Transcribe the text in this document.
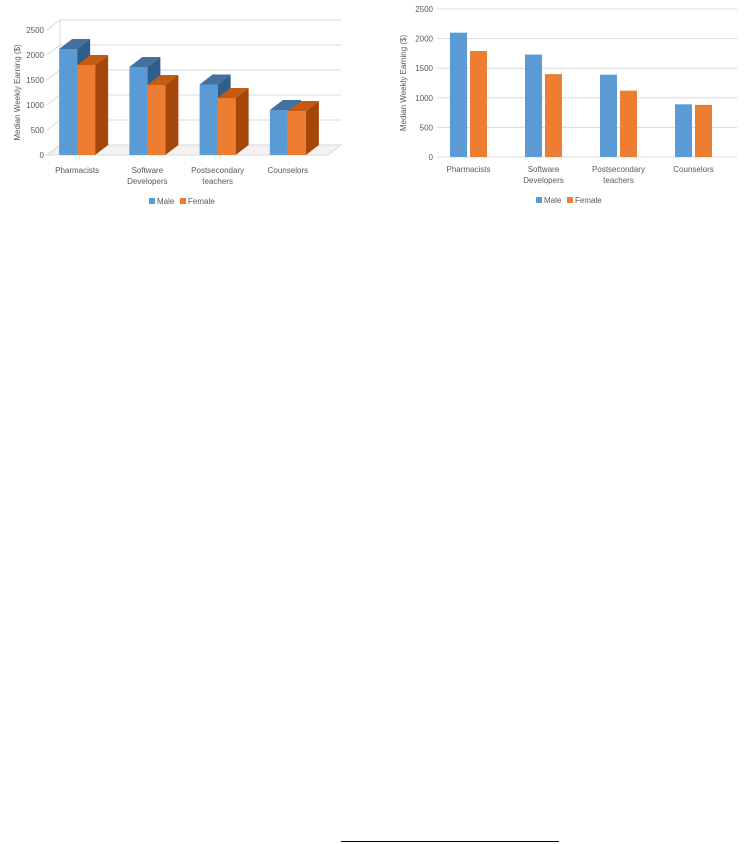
0
500
1000
1500
2000
2500
Median Weekly Earning ($)
Pharmacists	Software
Developers
Postsecondary
teachers
Counselors
Male Female
0
500
1000
1500
2000
2500
Median Weekly Earning ($)
Pharmacists	Software
Developers
Postsecondary
teachers
Counselors
Male Female
